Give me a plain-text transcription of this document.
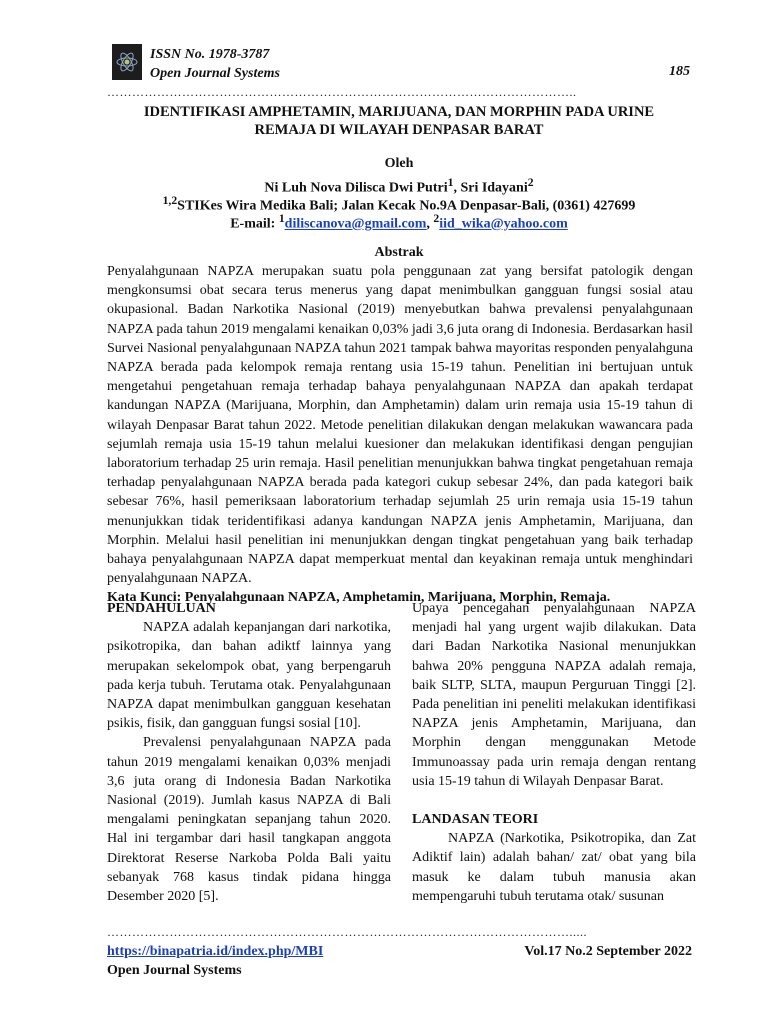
ISSN No. 1978-3787
Open Journal Systems	185
…………………………………………………………………………………………………..
IDENTIFIKASI AMPHETAMIN, MARIJUANA, DAN MORPHIN PADA URINE
REMAJA DI WILAYAH DENPASAR BARAT
Oleh
Ni Luh Nova Dilisca Dwi Putri$^1$, Sri Idayani$^2$
$^{1,2}$STIKes Wira Medika Bali; Jalan Kecak No.9A Denpasar-Bali, (0361) 427699
E-mail: $^1$diliscanova@gmail.com, $^2$iid_wika@yahoo.com
Abstrak

Penyalahgunaan NAPZA merupakan suatu pola penggunaan zat yang bersifat patologik dengan mengkonsumsi obat secara terus menerus yang dapat menimbulkan gangguan fungsi sosial atau okupasional. Badan Narkotika Nasional (2019) menyebutkan bahwa prevalensi penyalahgunaan NAPZA pada tahun 2019 mengalami kenaikan 0,03% jadi 3,6 juta orang di Indonesia. Berdasarkan hasil Survei Nasional penyalahgunaan NAPZA tahun 2021 tampak bahwa mayoritas responden penyalahguna NAPZA berada pada kelompok remaja rentang usia 15-19 tahun. Penelitian ini bertujuan untuk mengetahui pengetahuan remaja terhadap bahaya penyalahgunaan NAPZA dan apakah terdapat kandungan NAPZA (Marijuana, Morphin, dan Amphetamin) dalam urin remaja usia 15-19 tahun di wilayah Denpasar Barat tahun 2022. Metode penelitian dilakukan dengan melakukan wawancara pada sejumlah remaja usia 15-19 tahun melalui kuesioner dan melakukan identifikasi dengan pengujian laboratorium terhadap 25 urin remaja. Hasil penelitian menunjukkan bahwa tingkat pengetahuan remaja terhadap penyalahgunaan NAPZA berada pada kategori cukup sebesar 24%, dan pada kategori baik sebesar 76%, hasil pemeriksaan laboratorium terhadap sejumlah 25 urin remaja usia 15-19 tahun menunjukkan tidak teridentifikasi adanya kandungan NAPZA jenis Amphetamin, Marijuana, dan Morphin. Melalui hasil penelitian ini menunjukkan dengan tingkat pengetahuan yang baik terhadap bahaya penyalahgunaan NAPZA dapat memperkuat mental dan keyakinan remaja untuk menghindari penyalahgunaan NAPZA.

Kata Kunci: Penyalahgunaan NAPZA, Amphetamin, Marijuana, Morphin, Remaja.

PENDAHULUAN

NAPZA adalah kepanjangan dari narkotika, psikotropika, dan bahan adiktf lainnya yang merupakan sekelompok obat, yang berpengaruh pada kerja tubuh. Terutama otak. Penyalahgunaan NAPZA dapat menimbulkan gangguan kesehatan psikis, fisik, dan gangguan fungsi sosial [10].

Prevalensi penyalahgunaan NAPZA pada tahun 2019 mengalami kenaikan 0,03% menjadi 3,6 juta orang di Indonesia Badan Narkotika Nasional (2019). Jumlah kasus NAPZA di Bali mengalami peningkatan sepanjang tahun 2020. Hal ini tergambar dari hasil tangkapan anggota Direktorat Reserse Narkoba Polda Bali yaitu sebanyak 768 kasus tindak pidana hingga Desember 2020 [5].

Upaya pencegahan penyalahgunaan NAPZA menjadi hal yang urgent wajib dilakukan. Data dari Badan Narkotika Nasional menunjukkan bahwa 20% pengguna NAPZA adalah remaja, baik SLTP, SLTA, maupun Perguruan Tinggi [2]. Pada penelitian ini peneliti melakukan identifikasi NAPZA jenis Amphetamin, Marijuana, dan Morphin dengan menggunakan Metode Immunoassay pada urin remaja dengan rentang usia 15-19 tahun di Wilayah Denpasar Barat.

LANDASAN TEORI

NAPZA (Narkotika, Psikotropika, dan Zat Adiktif lain) adalah bahan/ zat/ obat yang bila masuk ke dalam tubuh manusia akan mempengaruhi tubuh terutama otak/ susunan

………………………………………………………………………………………………….....
https://binapatria.id/index.php/MBI	Vol.17 No.2 September 2022
Open Journal Systems
